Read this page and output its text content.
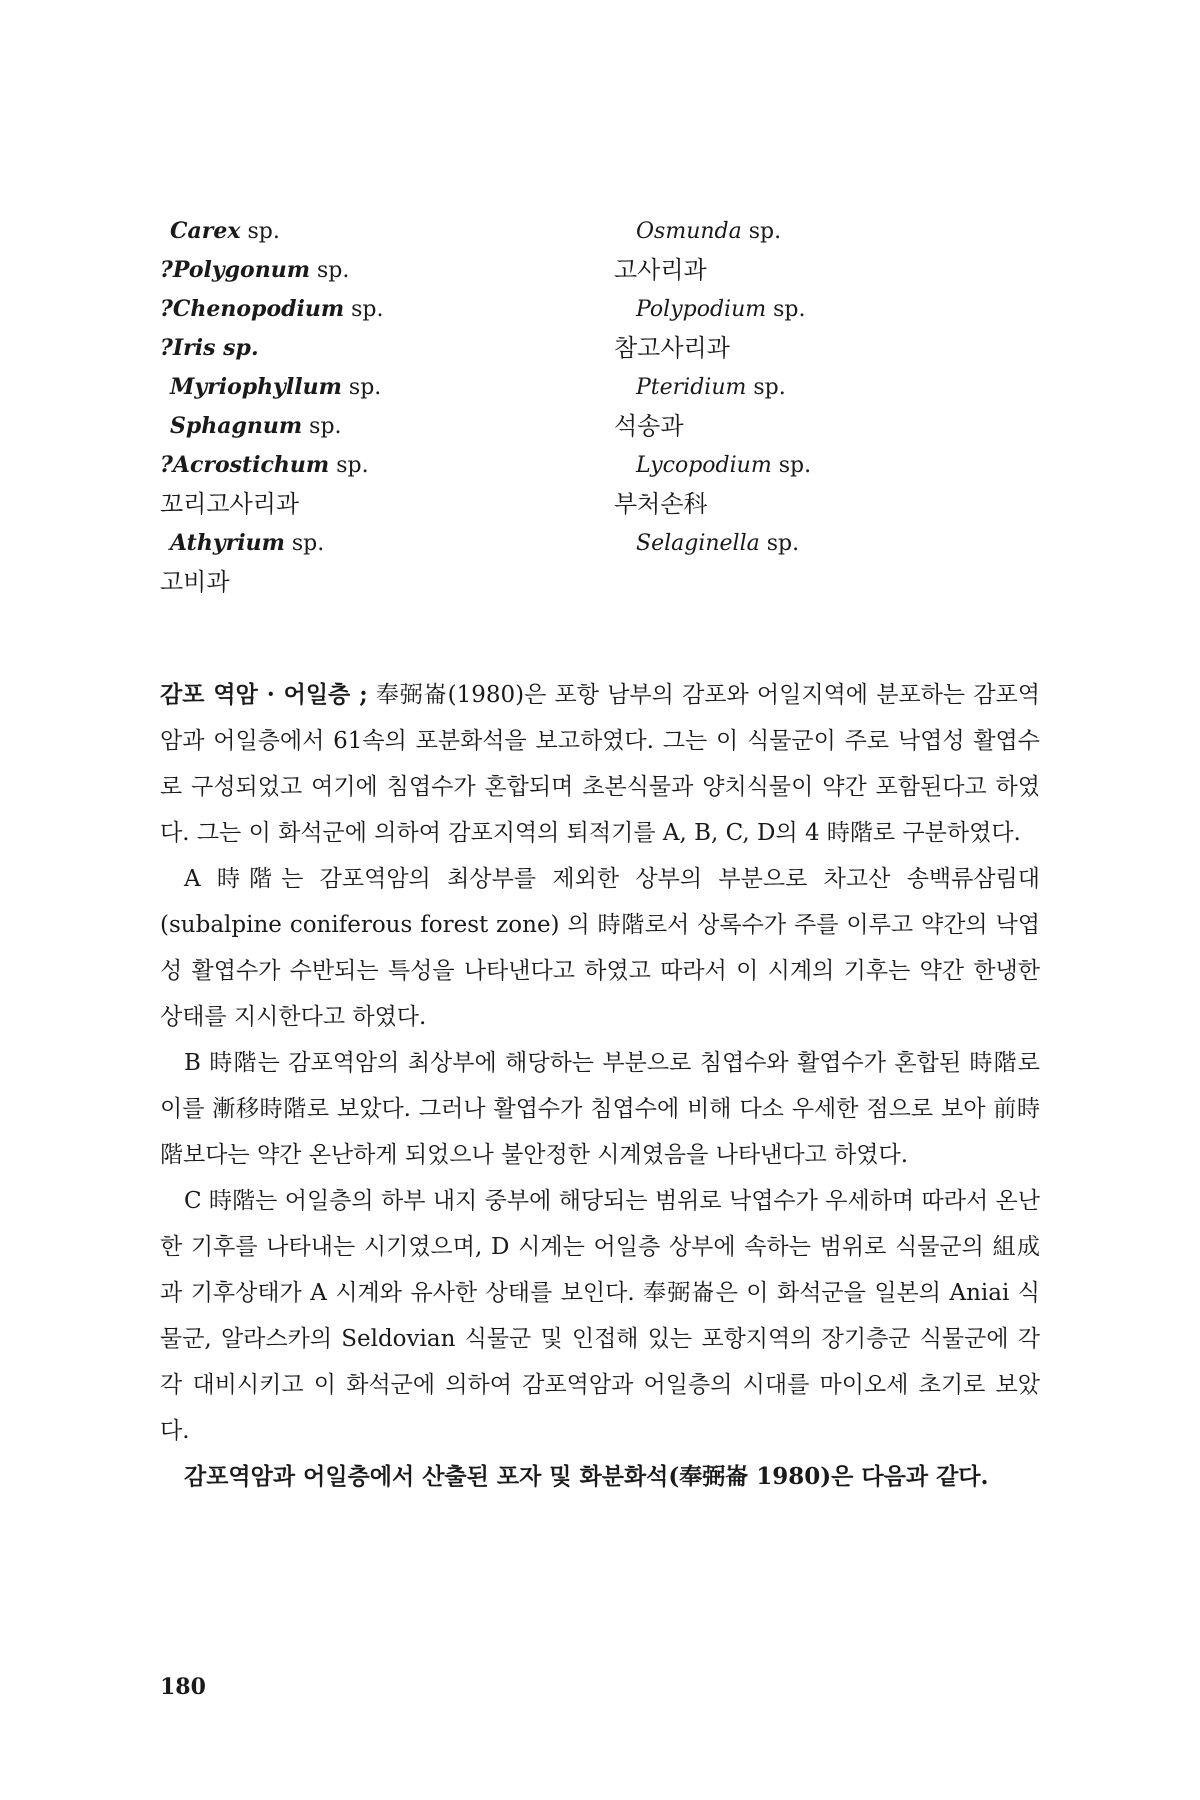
Carex sp.
?Polygonum sp.
?Chenopodium sp.
?Iris sp.
Myriophyllum sp.
Sphagnum sp.
?Acrostichum sp.
꼬리고사리과
Athyrium sp.
고비과
Osmunda sp.
고사리과
Polypodium sp.
참고사리과
Pteridium sp.
석송과
Lycopodium sp.
부처손科
Selaginella sp.

감포 역암 · 어일층 ; 奉弼崙(1980)은 포항 남부의 감포와 어일지역에 분포하는 감포역암과 어일층에서 61속의 포분화석을 보고하였다. 그는 이 식물군이 주로 낙엽성 활엽수로 구성되었고 여기에 침엽수가 혼합되며 초본식물과 양치식물이 약간 포함된다고 하였다. 그는 이 화석군에 의하여 감포지역의 퇴적기를 A, B, C, D의 4 時階로 구분하였다.

A 時階는 감포역암의 최상부를 제외한 상부의 부분으로 차고산 송백류삼림대 (subalpine coniferous forest zone) 의 時階로서 상록수가 주를 이루고 약간의 낙엽성 활엽수가 수반되는 특성을 나타낸다고 하였고 따라서 이 시계의 기후는 약간 한냉한 상태를 지시한다고 하였다.

B 時階는 감포역암의 최상부에 해당하는 부분으로 침엽수와 활엽수가 혼합된 時階로 이를 漸移時階로 보았다. 그러나 활엽수가 침엽수에 비해 다소 우세한 점으로 보아 前時階보다는 약간 온난하게 되었으나 불안정한 시계였음을 나타낸다고 하였다.

C 時階는 어일층의 하부 내지 중부에 해당되는 범위로 낙엽수가 우세하며 따라서 온난한 기후를 나타내는 시기였으며, D 시계는 어일층 상부에 속하는 범위로 식물군의 組成과 기후상태가 A 시계와 유사한 상태를 보인다. 奉弼崙은 이 화석군을 일본의 Aniai 식물군, 알라스카의 Seldovian 식물군 및 인접해 있는 포항지역의 장기층군 식물군에 각각 대비시키고 이 화석군에 의하여 감포역암과 어일층의 시대를 마이오세 초기로 보았다.

감포역암과 어일층에서 산출된 포자 및 화분화석(奉弼崙 1980)은 다음과 같다.

180
